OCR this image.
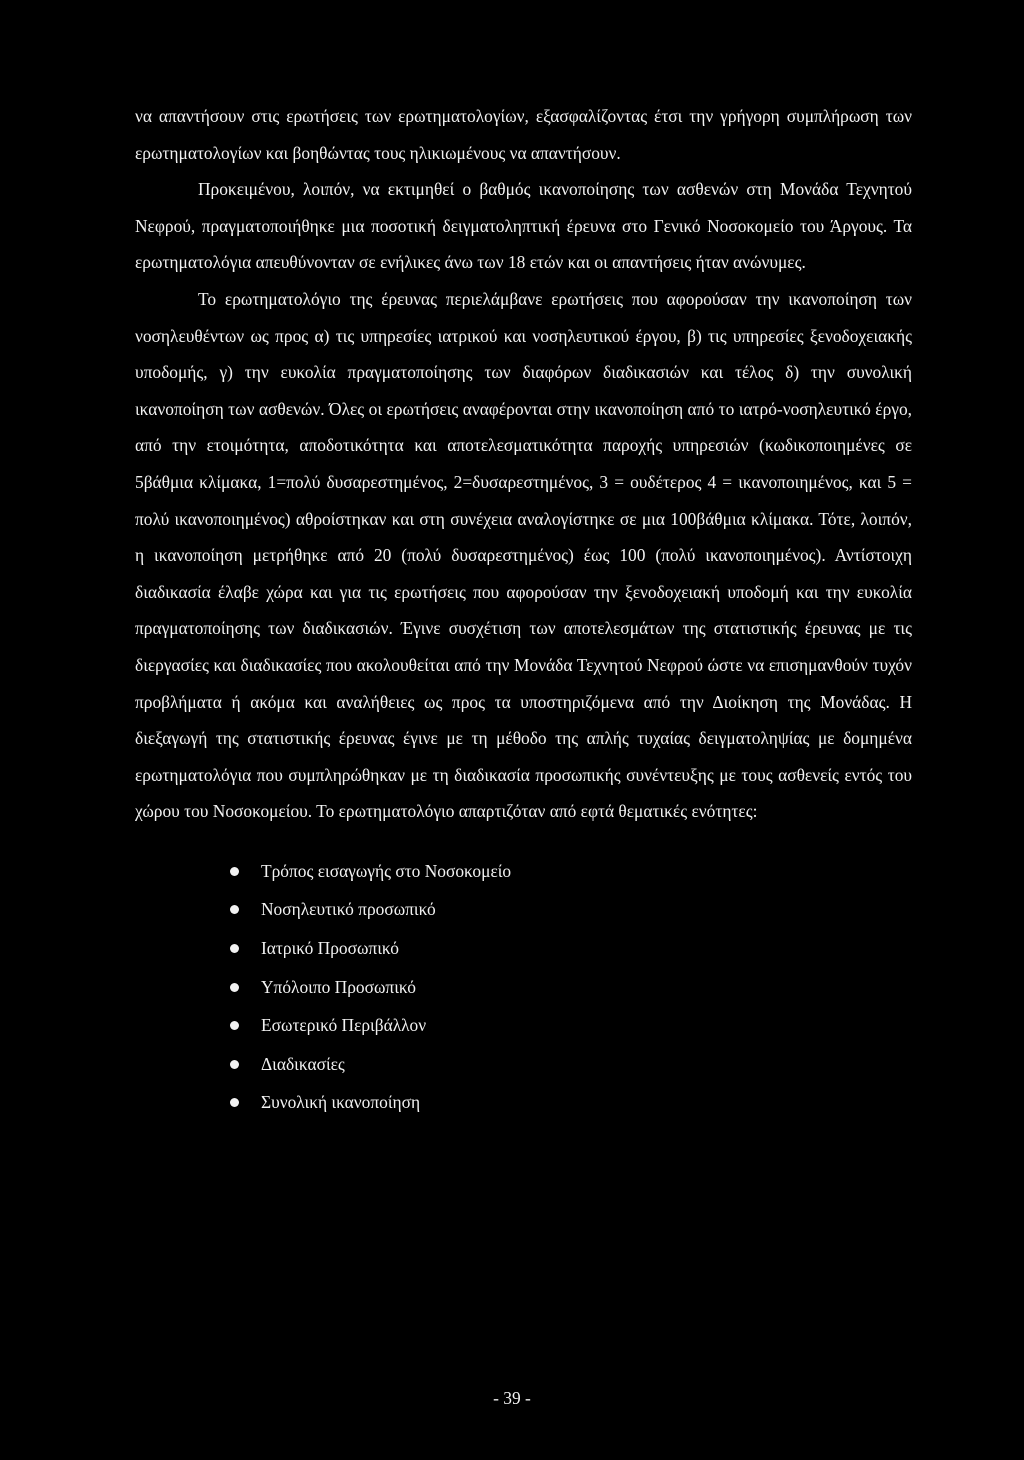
να απαντήσουν στις ερωτήσεις των ερωτηματολογίων, εξασφαλίζοντας έτσι την γρήγορη συμπλήρωση των ερωτηματολογίων και βοηθώντας τους ηλικιωμένους να απαντήσουν.

Προκειμένου, λοιπόν, να εκτιμηθεί ο βαθμός ικανοποίησης των ασθενών στη Μονάδα Τεχνητού Νεφρού, πραγματοποιήθηκε μια ποσοτική δειγματοληπτική έρευνα στο Γενικό Νοσοκομείο του Άργους. Τα ερωτηματολόγια απευθύνονταν σε ενήλικες άνω των 18 ετών και οι απαντήσεις ήταν ανώνυμες.

Το ερωτηματολόγιο της έρευνας περιελάμβανε ερωτήσεις που αφορούσαν την ικανοποίηση των νοσηλευθέντων ως προς α) τις υπηρεσίες ιατρικού και νοσηλευτικού έργου, β) τις υπηρεσίες ξενοδοχειακής υποδομής, γ) την ευκολία πραγματοποίησης των διαφόρων διαδικασιών και τέλος δ) την συνολική ικανοποίηση των ασθενών. Όλες οι ερωτήσεις αναφέρονται στην ικανοποίηση από το ιατρό-νοσηλευτικό έργο, από την ετοιμότητα, αποδοτικότητα και αποτελεσματικότητα παροχής υπηρεσιών (κωδικοποιημένες σε 5βάθμια κλίμακα, 1=πολύ δυσαρεστημένος, 2=δυσαρεστημένος, 3 = ουδέτερος 4 = ικανοποιημένος, και 5 = πολύ ικανοποιημένος) αθροίστηκαν και στη συνέχεια αναλογίστηκε σε μια 100βάθμια κλίμακα. Τότε, λοιπόν, η ικανοποίηση μετρήθηκε από 20 (πολύ δυσαρεστημένος) έως 100 (πολύ ικανοποιημένος). Αντίστοιχη διαδικασία έλαβε χώρα και για τις ερωτήσεις που αφορούσαν την ξενοδοχειακή υποδομή και την ευκολία πραγματοποίησης των διαδικασιών. Έγινε συσχέτιση των αποτελεσμάτων της στατιστικής έρευνας με τις διεργασίες και διαδικασίες που ακολουθείται από την Μονάδα Τεχνητού Νεφρού ώστε να επισημανθούν τυχόν προβλήματα ή ακόμα και αναλήθειες ως προς τα υποστηριζόμενα από την Διοίκηση της Μονάδας. Η διεξαγωγή της στατιστικής έρευνας έγινε με τη μέθοδο της απλής τυχαίας δειγματοληψίας με δομημένα ερωτηματολόγια που συμπληρώθηκαν με τη διαδικασία προσωπικής συνέντευξης με τους ασθενείς εντός του χώρου του Νοσοκομείου. Το ερωτηματολόγιο απαρτιζόταν από εφτά θεματικές ενότητες:

Τρόπος εισαγωγής στο Νοσοκομείο
Νοσηλευτικό προσωπικό
Ιατρικό Προσωπικό
Υπόλοιπο Προσωπικό
Εσωτερικό Περιβάλλον
Διαδικασίες
Συνολική ικανοποίηση
- 39 -
